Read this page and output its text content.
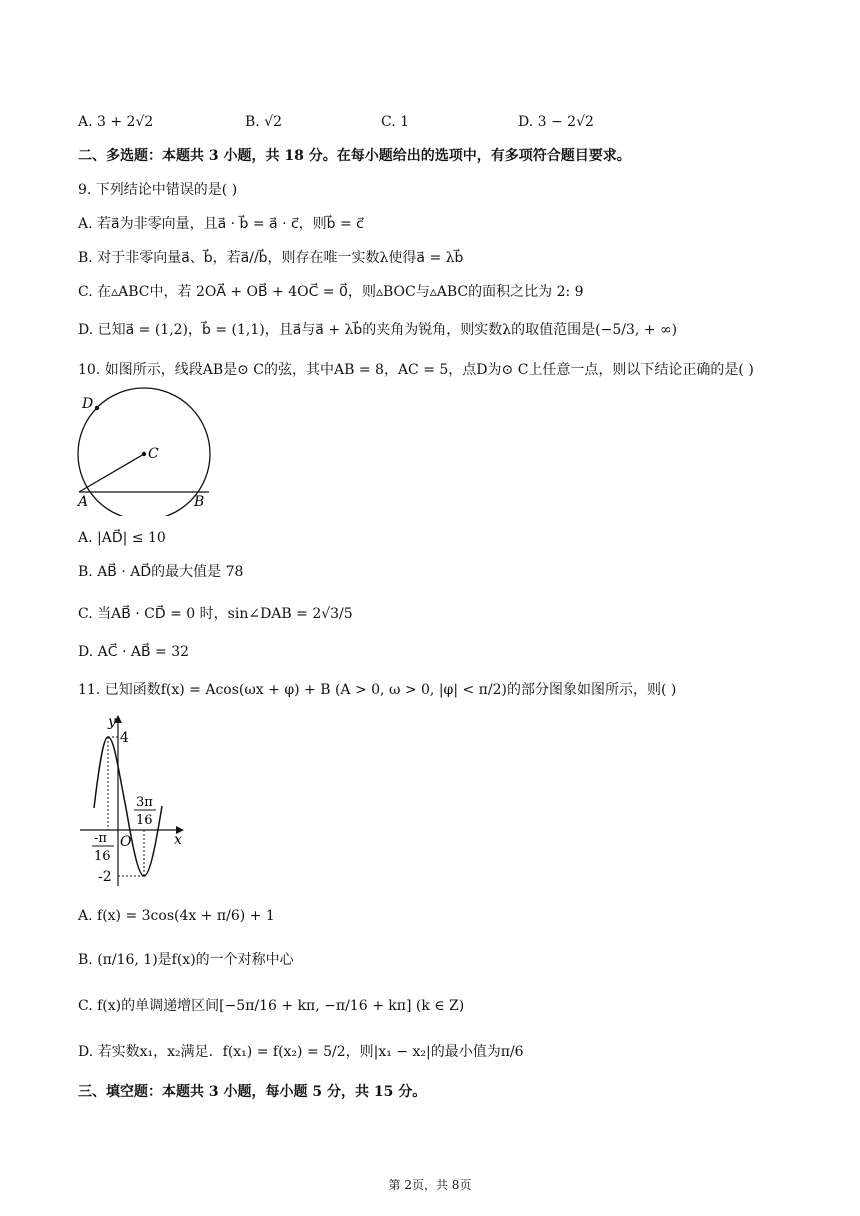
A. 3 + 2√2	B. √2	C. 1	D. 3 − 2√2
二、多选题：本题共 3 小题，共 18 分。在每小题给出的选项中，有多项符合题目要求。
9. 下列结论中错误的是( )
A. 若a⃗为非零向量，且a⃗ · b⃗ = a⃗ · c⃗，则b⃗ = c⃗
B. 对于非零向量a⃗、b⃗，若a⃗//b⃗，则存在唯一实数λ使得a⃗ = λb⃗
C. 在▵ABC中，若 2OA⃗ + OB⃗ + 4OC⃗ = 0⃗，则▵BOC与▵ABC的面积之比为 2: 9
D. 已知a⃗ = (1,2)，b⃗ = (1,1)，且a⃗与a⃗ + λb⃗的夹角为锐角，则实数λ的取值范围是(−5/3, + ∞)
10. 如图所示，线段AB是⊙ C的弦，其中AB = 8，AC = 5，点D为⊙ C上任意一点，则以下结论正确的是( )
D
C
A	B
A. |AD⃗| ≤ 10
B. AB⃗ · AD⃗的最大值是 78
C. 当AB⃗ · CD⃗ = 0 时，sin∠DAB = 2√3/5
D. AC⃗ · AB⃗ = 32
11. 已知函数f(x) = Acos(ωx + φ) + B (A > 0, ω > 0, |φ| < π/2)的部分图象如图所示，则( )
y
4
3π
16
-π
16
O	x
-2
A. f(x) = 3cos(4x + π/6) + 1
B. (π/16, 1)是f(x)的一个对称中心
C. f(x)的单调递增区间[−5π/16 + kπ, −π/16 + kπ] (k ∈ Z)
D. 若实数x₁，x₂满足．f(x₁) = f(x₂) = 5/2，则|x₁ − x₂|的最小值为π/6
三、填空题：本题共 3 小题，每小题 5 分，共 15 分。
第 2页，共 8页
